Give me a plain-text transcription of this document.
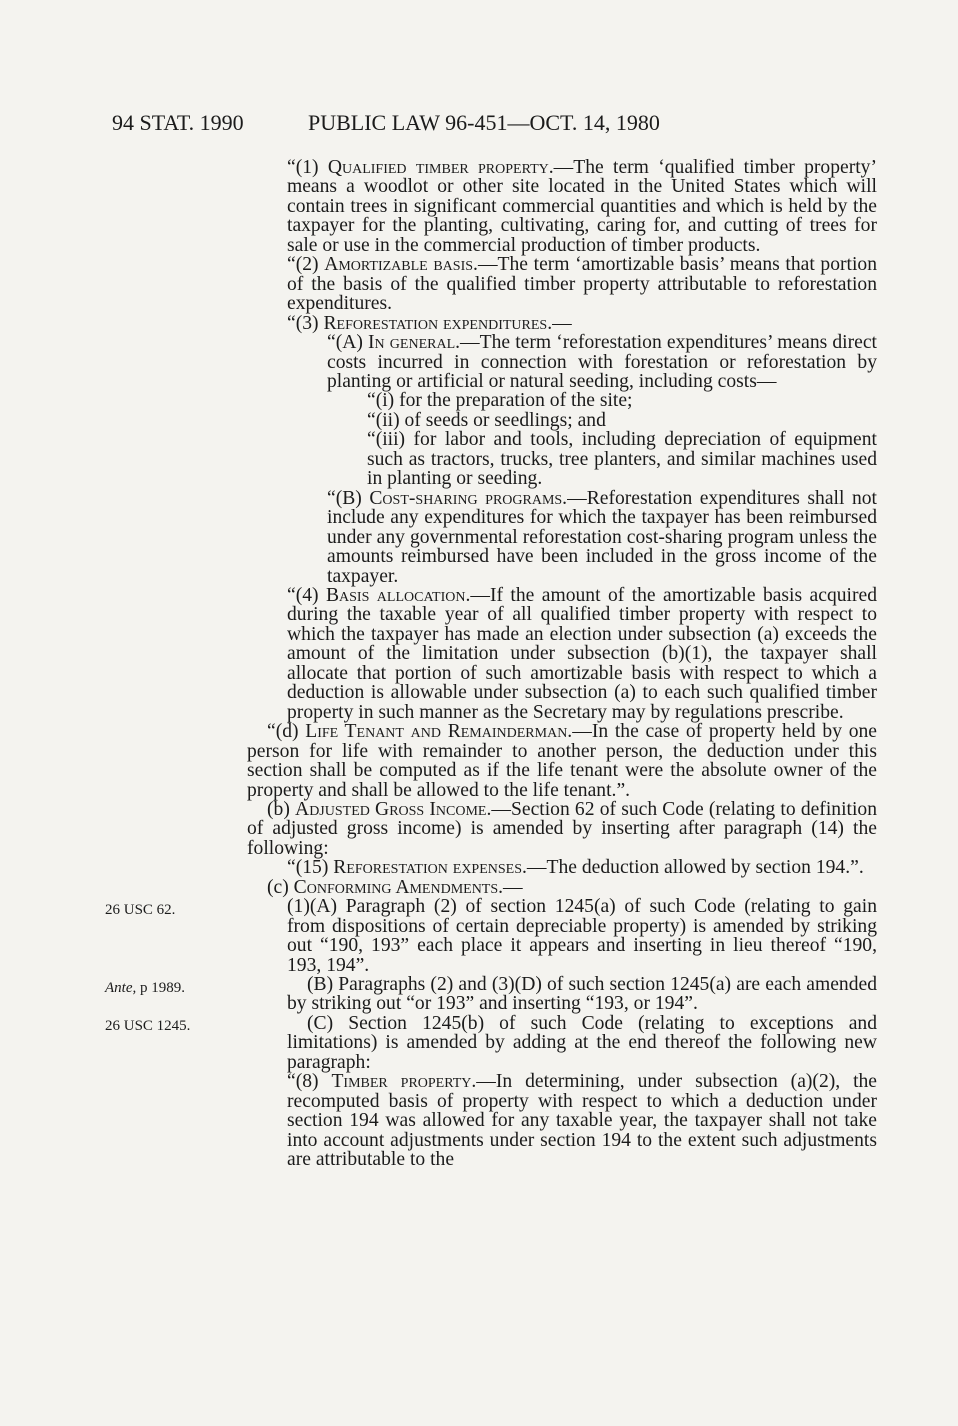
94 STAT. 1990	PUBLIC LAW 96-451—OCT. 14, 1980
26 USC 62.
Ante, p 1989.
26 USC 1245.

“(1) Qualified timber property.—The term ‘qualified timber property’ means a woodlot or other site located in the United States which will contain trees in significant commercial quantities and which is held by the taxpayer for the planting, cultivating, caring for, and cutting of trees for sale or use in the commercial production of timber products.

“(2) Amortizable basis.—The term ‘amortizable basis’ means that portion of the basis of the qualified timber property attributable to reforestation expenditures.

“(3) Reforestation expenditures.—

“(A) In general.—The term ‘reforestation expenditures’ means direct costs incurred in connection with forestation or reforestation by planting or artificial or natural seeding, including costs—

“(i) for the preparation of the site;

“(ii) of seeds or seedlings; and

“(iii) for labor and tools, including depreciation of equipment such as tractors, trucks, tree planters, and similar machines used in planting or seeding.

“(B) Cost-sharing programs.—Reforestation expenditures shall not include any expenditures for which the taxpayer has been reimbursed under any governmental reforestation cost-sharing program unless the amounts reimbursed have been included in the gross income of the taxpayer.

“(4) Basis allocation.—If the amount of the amortizable basis acquired during the taxable year of all qualified timber property with respect to which the taxpayer has made an election under subsection (a) exceeds the amount of the limitation under subsection (b)(1), the taxpayer shall allocate that portion of such amortizable basis with respect to which a deduction is allowable under subsection (a) to each such qualified timber property in such manner as the Secretary may by regulations prescribe.

“(d) Life Tenant and Remainderman.—In the case of property held by one person for life with remainder to another person, the deduction under this section shall be computed as if the life tenant were the absolute owner of the property and shall be allowed to the life tenant.”.

(b) Adjusted Gross Income.—Section 62 of such Code (relating to definition of adjusted gross income) is amended by inserting after paragraph (14) the following:

“(15) Reforestation expenses.—The deduction allowed by section 194.”.

(c) Conforming Amendments.—

(1)(A) Paragraph (2) of section 1245(a) of such Code (relating to gain from dispositions of certain depreciable property) is amended by striking out “190, 193” each place it appears and inserting in lieu thereof “190, 193, 194”.

(B) Paragraphs (2) and (3)(D) of such section 1245(a) are each amended by striking out “or 193” and inserting “193, or 194”.

(C) Section 1245(b) of such Code (relating to exceptions and limitations) is amended by adding at the end thereof the following new paragraph:

“(8) Timber property.—In determining, under subsection (a)(2), the recomputed basis of property with respect to which a deduction under section 194 was allowed for any taxable year, the taxpayer shall not take into account adjustments under section 194 to the extent such adjustments are attributable to the
